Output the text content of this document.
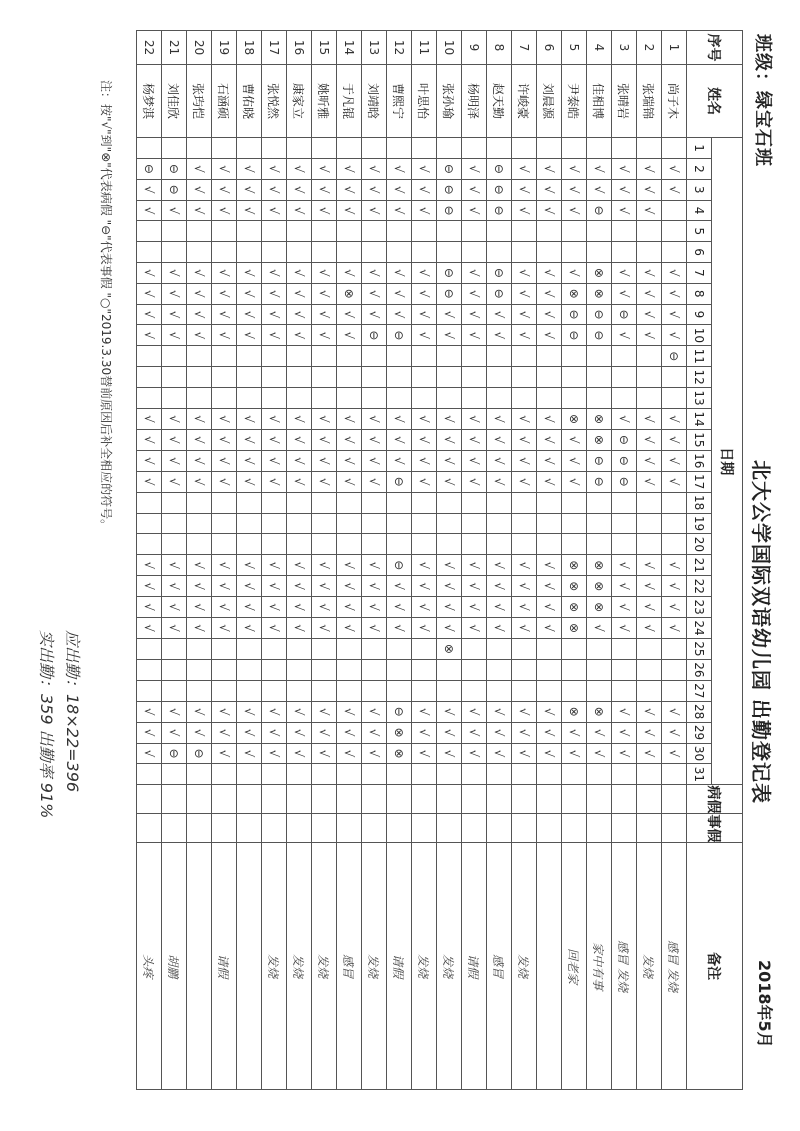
班级：绿宝石班
北大公学国际双语幼儿园 出勤登记表
2018年5月
序号	姓名	日期																															病假	事假	备注
		1	2	3	4	5	6	7	8	9	10	11	12	13	14	15	16	17	18	19	20	21	22	23	24	25	26	27	28	29	30	31			
1	尚子木		√	√				√	√	√	√	⊖			√	√	√	√				√	√	√	√				√	√	√				感冒 发烧
2	张瑞锦		√	√	√			√	√	√	√				√	√	√	√				√	√	√	√				√	√	√				发烧
3	张晴岩		√	√	√			√	√	⊖	√				√	⊖	⊖	⊖				√	√	√	√				√	√	√				感冒 发烧
4	佳相博		√	√	⊖			⊗	⊗	⊖	⊖				⊗	⊗	⊖	⊖				⊗	⊗	⊗	√				⊗	√	√				家中有事
5	尹泰皓		√	√	√			√	⊗	⊖	⊖				⊗	√	√	√				⊗	⊗	⊗	⊗				⊗	√	√				回老家
6	刘晨源		√	√	√			√	√	√	√				√	√	√	√				√	√	√	√				√	√	√				
7	许峻豪		√	√	√			√	√	√	√				√	√	√	√				√	√	√	√				√	√	√				发烧
8	赵天勤		⊖	⊖	⊖			⊖	⊖	√	√				√	√	√	√				√	√	√	√				√	√	√				感冒
9	杨明泽		√	√	√			√	√	√	√				√	√	√	√				√	√	√	√				√	√	√				请假
10	张孙瑜		⊖	⊖	⊖			⊖	⊖	√	√				√	√	√	√				√	√	√	√	⊗			√	√	√				发烧
11	叶思怡		√	√	√			√	√	√	√				√	√	√	√				√	√	√	√				√	√	√				发烧
12	曹熙宁		√	√	√			√	√	√	⊖				√	√	√	⊖				⊖	√	√	√				⊖	⊗	⊗				请假
13	刘靖晗		√	√	√			√	√	√	⊖				√	√	√	√				√	√	√	√				√	√	√				发烧
14	于凡锟		√	√	√			√	⊗	√	√				√	√	√	√				√	√	√	√				√	√	√				感冒
15	姚昕雅		√	√	√			√	√	√	√				√	√	√	√				√	√	√	√				√	√	√				发烧
16	康家立		√	√	√			√	√	√	√				√	√	√	√				√	√	√	√				√	√	√				发烧
17	张悦然		√	√	√			√	√	√	√				√	√	√	√				√	√	√	√				√	√	√				发烧
18	曹佑晓		√	√	√			√	√	√	√				√	√	√	√				√	√	√	√				√	√	√				
19	石涵硕		√	√	√			√	√	√	√				√	√	√	√				√	√	√	√				√	√	√				请假
20	张玙恺		√	√	√			√	√	√	√				√	√	√	√				√	√	√	√				√	√	⊖				
21	刘佳欣		⊖	⊖	√			√	√	√	√				√	√	√	√				√	√	√	√				√	√	⊖				胡鹏
22	杨梦淇		⊖	√	√			√	√	√	√				√	√	√	√				√	√	√	√				√	√	√				头疼
注：按"√"到"⊗"代表病假 "⊖"代表事假 "○"2019.3.30替前原因后补全相应的符号。
应出勤：18×22=396
实出勤：359 出勤率 91%
